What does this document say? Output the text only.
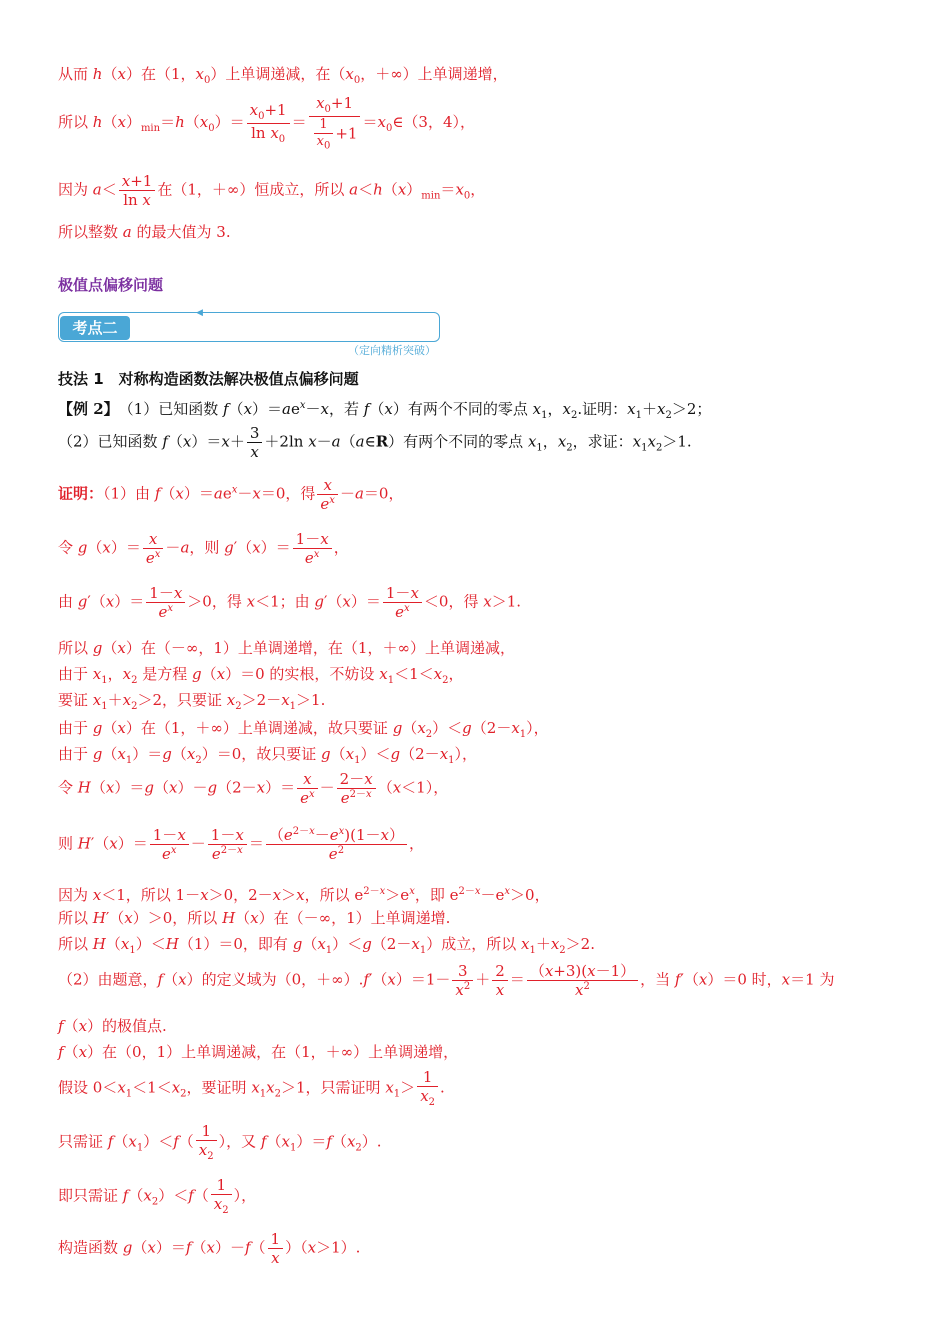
从而 h（x）在（1，$x_0$）上单调递减，在（$x_0$，＋∞）上单调递增，
所以 $h(x)_{min}=h(x_0)= \frac{x_0+1}{\ln x_0} = \frac{x_0+1}{\frac{1}{x_0} +1}$ $=x_0\in(3$，4），
因为 $a< \frac{x+1}{\text{ln x}}$ 在（1，＋∞）恒成立，所以 $a<h(x)_{min}=x_0$，
所以整数 a 的最大值为 3.
极值点偏移问题
◀
考点二
（定向精析突破）
技法 1　对称构造函数法解决极值点偏移问题
【例 2】　（1）已知函数 $f(x)=ae^x-x$，若 f（x）有两个不同的零点 $x_1$，$x_2$.证明：$x_1+x_2>2$；
（2）已知函数 $f(x)=x+ \frac{3}{x} +2\ln$ x－a（a∈R）有两个不同的零点 $x_1$，$x_2$，求证：$x_1x_2>1$.
证明：（1）由 $f(x)=ae^x-x=0$，得 $\frac{x}{e^x} -a=0$，
令 $g(x)= \frac{x}{e^x} -a$，则 $g'(x)= \frac{1-x}{e^x}$ ，
由 $g'(x)= \frac{1-x}{e^x} >0$，得 x＜1；由 $g'(x)= \frac{1-x}{e^x} <0$，得 x＞1.
所以 g（x）在（－∞，1）上单调递增，在（1，＋∞）上单调递减，
由于 $x_1$，$x_2$ 是方程 g（x）＝0 的实根，不妨设 $x_1<1<x_2$，
要证 $x_1+x_2>2$，只要证 $x_2>2-x_1>1$.
由于 g（x）在（1，＋∞）上单调递减，故只要证 $g(x_2)<g(2-x_1)$，
由于 $g(x_1)=g(x_2)=0$，故只要证 $g(x_1)<g(2-x_1)$，
令 $H(x)=g(x)-g(2-x)= \frac{x}{e^x} - \frac{2-x}{e^{2-x}} (x<1)$，
则 $H'(x)= \frac{1-x}{e^x} - \frac{1-x}{e^{2-x}} = \frac{(e^{2-x}-e^x)(1-x)}{e^2}$ ，
因为 x＜1，所以 1－x＞0，2－x＞x，所以 $e^{2-x}>e^x$，即 $e^{2-x}-e^x>0$，
所以 H′（x）＞0，所以 H（x）在（－∞，1）上单调递增.
所以 $H(x_1)<H(1)=0$，即有 $g(x_1)<g(2-x_1)$成立，所以 $x_1+x_2>2$.
（2）由题意，f（x）的定义域为（0，$+\infty).f'(x)=1- \frac{3}{x^2} + \frac{2}{x} = \frac{(x+3)(x-1)}{x^2}$ ，当 f′（x）＝0 时，x＝1 为
f（x）的极值点.
f（x）在（0，1）上单调递减，在（1，＋∞）上单调递增，
假设 $0<x_1<1<x_2$，要证明 $x_1x_2>1$，只需证明 $x_1> \frac{1}{x_2}$ .
只需证 $f(x_1)<f( \frac{1}{x_2}$ ），又 $f(x_1)=f(x_2)$.
即只需证 $f(x_2)<f( \frac{1}{x_2}$ ），
构造函数 $g(x)=f(x)-f( \frac{1}{x} )(x>1)$.
